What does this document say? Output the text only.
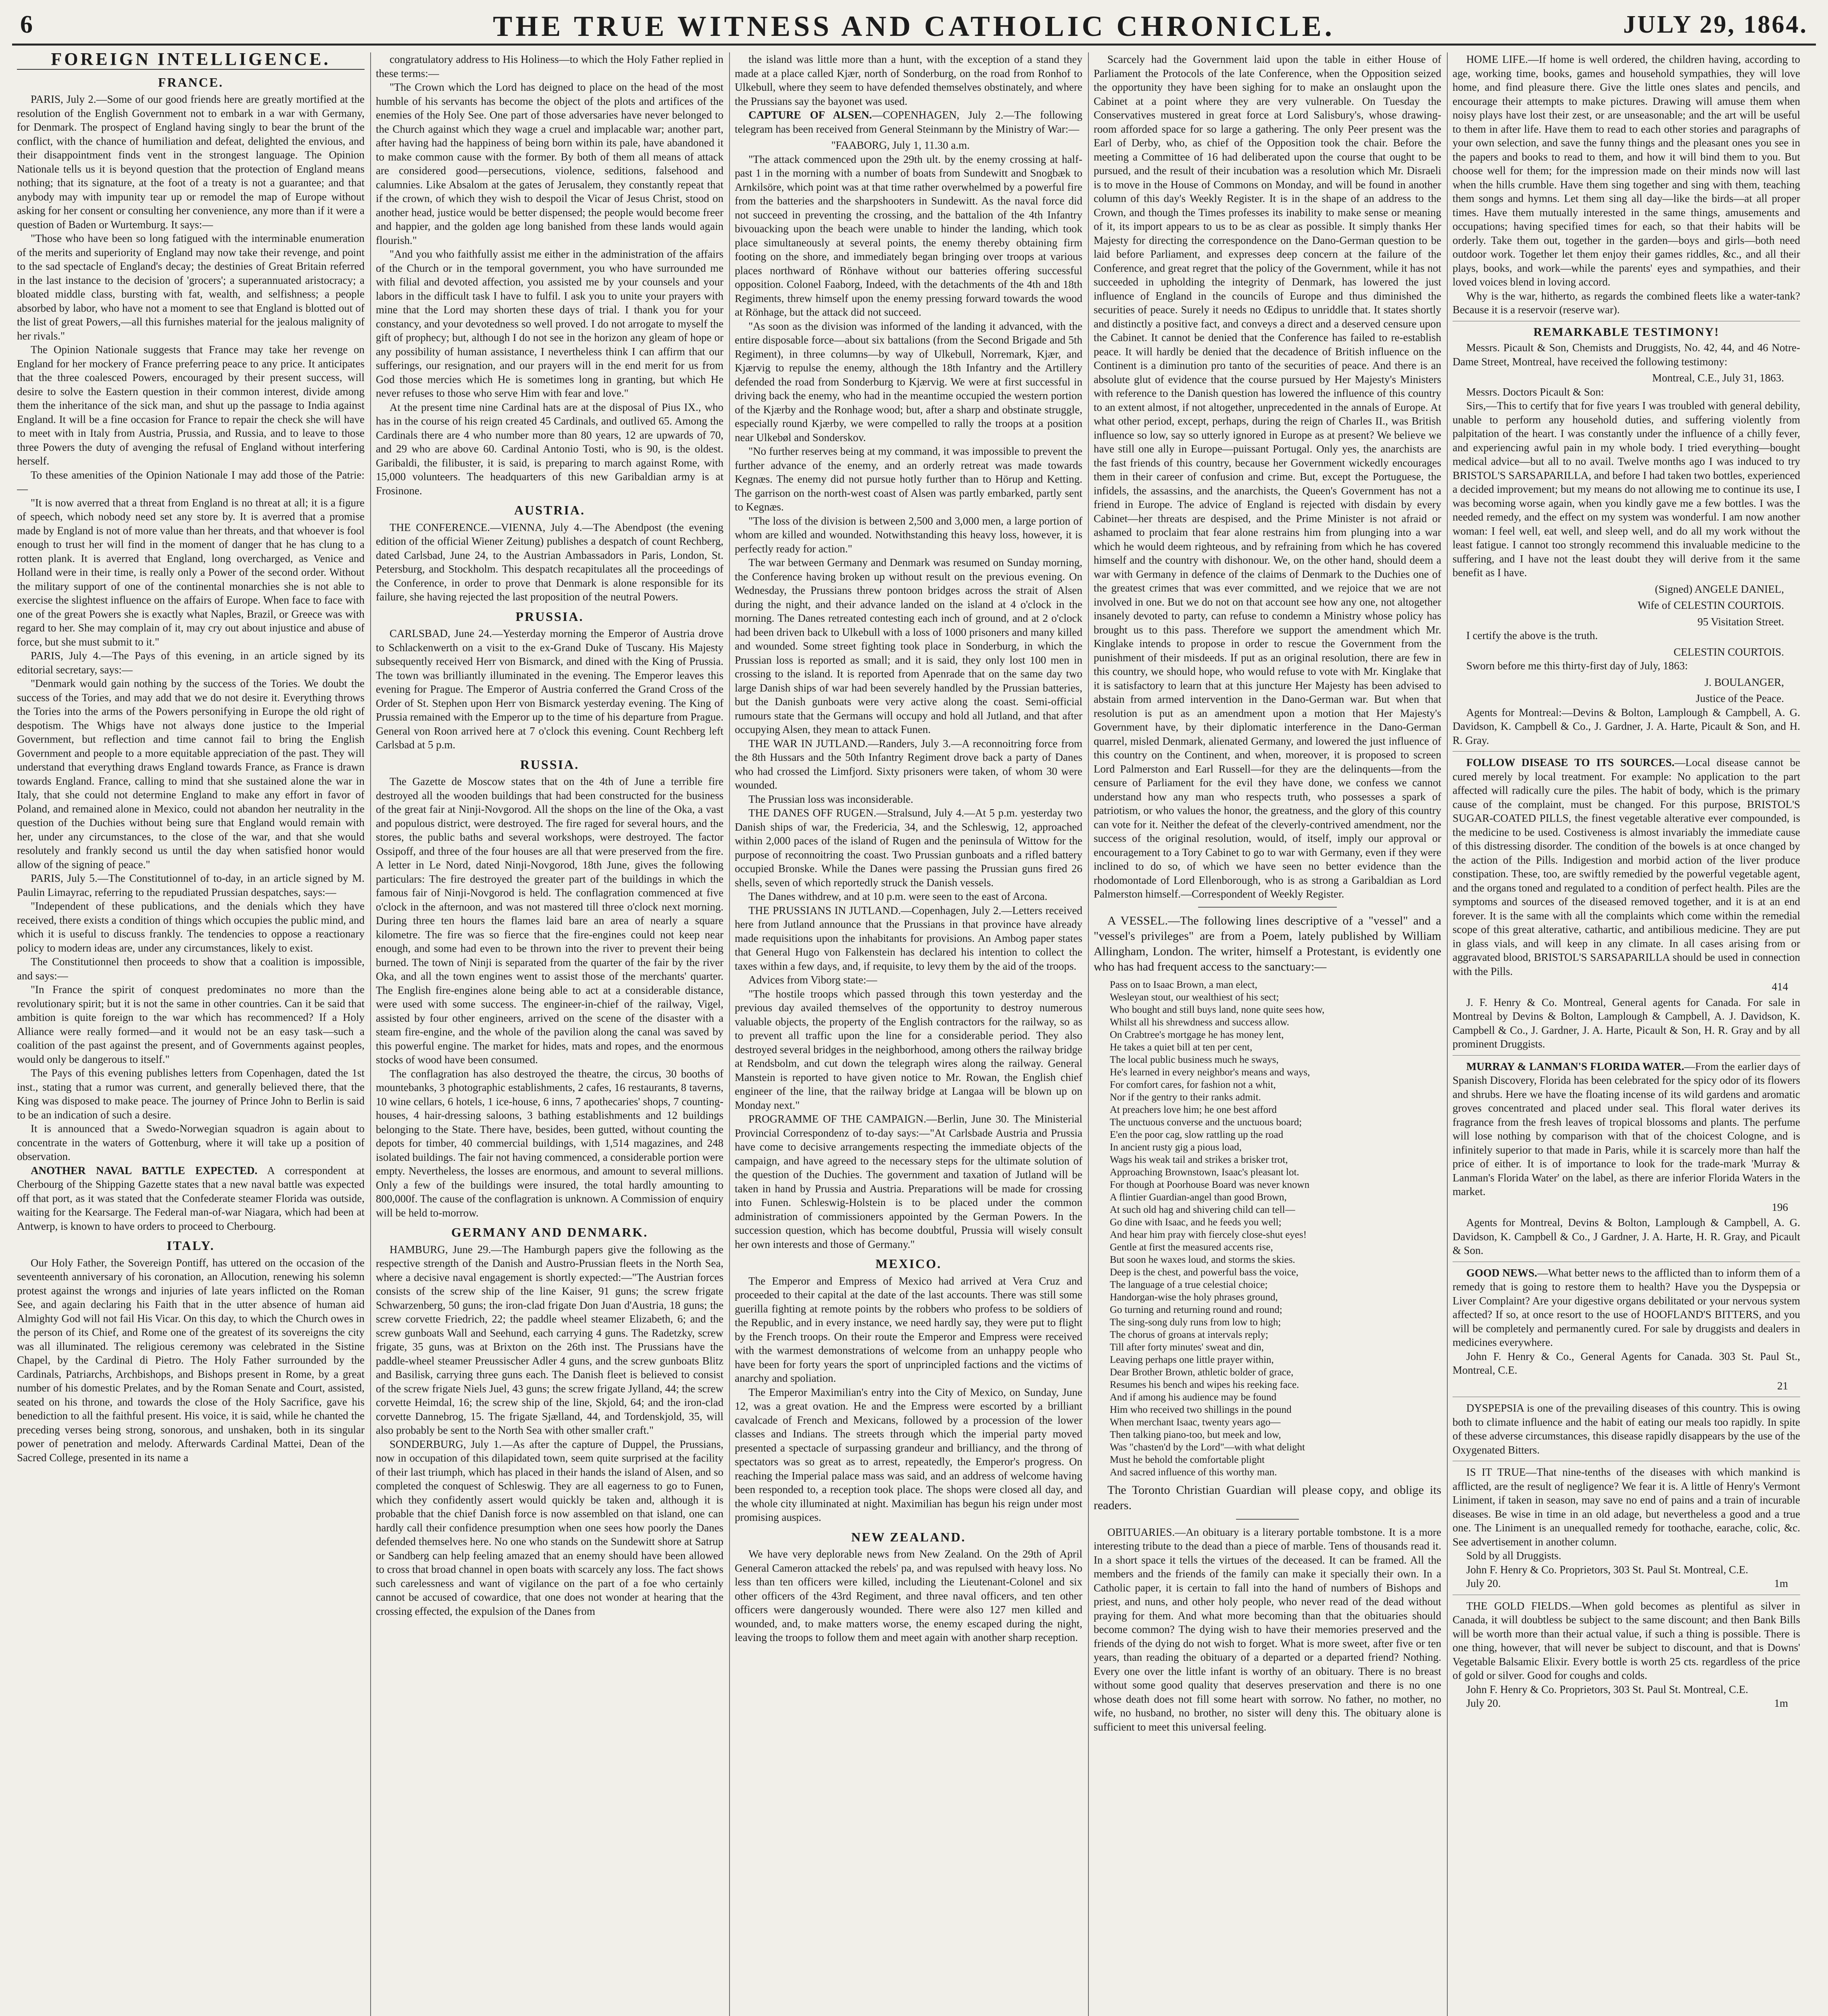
6	THE TRUE WITNESS AND CATHOLIC CHRONICLE.	JULY 29, 1864.
FOREIGN INTELLIGENCE.
FRANCE.

PARIS, July 2.—Some of our good friends here are greatly mortified at the resolution of the English Government not to embark in a war with Germany, for Denmark. The prospect of England having singly to bear the brunt of the conflict, with the chance of humiliation and defeat, delighted the envious, and their disappointment finds vent in the strongest language. The Opinion Nationale tells us it is beyond question that the protection of England means nothing; that its signature, at the foot of a treaty is not a guarantee; and that anybody may with impunity tear up or remodel the map of Europe without asking for her consent or consulting her convenience, any more than if it were a question of Baden or Wurtemburg. It says:—

"Those who have been so long fatigued with the interminable enumeration of the merits and superiority of England may now take their revenge, and point to the sad spectacle of England's decay; the destinies of Great Britain referred in the last instance to the decision of 'grocers'; a superannuated aristocracy; a bloated middle class, bursting with fat, wealth, and selfishness; a people absorbed by labor, who have not a moment to see that England is blotted out of the list of great Powers,—all this furnishes material for the jealous malignity of her rivals."

The Opinion Nationale suggests that France may take her revenge on England for her mockery of France preferring peace to any price. It anticipates that the three coalesced Powers, encouraged by their present success, will desire to solve the Eastern question in their common interest, divide among them the inheritance of the sick man, and shut up the passage to India against England. It will be a fine occasion for France to repair the check she will have to meet with in Italy from Austria, Prussia, and Russia, and to leave to those three Powers the duty of avenging the refusal of England without interfering herself.

To these amenities of the Opinion Nationale I may add those of the Patrie:—

"It is now averred that a threat from England is no threat at all; it is a figure of speech, which nobody need set any store by. It is averred that a promise made by England is not of more value than her threats, and that whoever is fool enough to trust her will find in the moment of danger that he has clung to a rotten plank. It is averred that England, long overcharged, as Venice and Holland were in their time, is really only a Power of the second order. Without the military support of one of the continental monarchies she is not able to exercise the slightest influence on the affairs of Europe. When face to face with one of the great Powers she is exactly what Naples, Brazil, or Greece was with regard to her. She may complain of it, may cry out about injustice and abuse of force, but she must submit to it."

PARIS, July 4.—The Pays of this evening, in an article signed by its editorial secretary, says:—

"Denmark would gain nothing by the success of the Tories. We doubt the success of the Tories, and may add that we do not desire it. Everything throws the Tories into the arms of the Powers personifying in Europe the old right of despotism. The Whigs have not always done justice to the Imperial Government, but reflection and time cannot fail to bring the English Government and people to a more equitable appreciation of the past. They will understand that everything draws England towards France, as France is drawn towards England. France, calling to mind that she sustained alone the war in Italy, that she could not determine England to make any effort in favor of Poland, and remained alone in Mexico, could not abandon her neutrality in the question of the Duchies without being sure that England would remain with her, under any circumstances, to the close of the war, and that she would resolutely and frankly second us until the day when satisfied honor would allow of the signing of peace."

PARIS, July 5.—The Constitutionnel of to-day, in an article signed by M. Paulin Limayrac, referring to the repudiated Prussian despatches, says:—

"Independent of these publications, and the denials which they have received, there exists a condition of things which occupies the public mind, and which it is useful to discuss frankly. The tendencies to oppose a reactionary policy to modern ideas are, under any circumstances, likely to exist.

The Constitutionnel then proceeds to show that a coalition is impossible, and says:—

"In France the spirit of conquest predominates no more than the revolutionary spirit; but it is not the same in other countries. Can it be said that ambition is quite foreign to the war which has recommenced? If a Holy Alliance were really formed—and it would not be an easy task—such a coalition of the past against the present, and of Governments against peoples, would only be dangerous to itself."

The Pays of this evening publishes letters from Copenhagen, dated the 1st inst., stating that a rumor was current, and generally believed there, that the King was disposed to make peace. The journey of Prince John to Berlin is said to be an indication of such a desire.

It is announced that a Swedo-Norwegian squadron is again about to concentrate in the waters of Gottenburg, where it will take up a position of observation.

ANOTHER NAVAL BATTLE EXPECTED. A correspondent at Cherbourg of the Shipping Gazette states that a new naval battle was expected off that port, as it was stated that the Confederate steamer Florida was outside, waiting for the Kearsarge. The Federal man-of-war Niagara, which had been at Antwerp, is known to have orders to proceed to Cherbourg.

ITALY.

Our Holy Father, the Sovereign Pontiff, has uttered on the occasion of the seventeenth anniversary of his coronation, an Allocution, renewing his solemn protest against the wrongs and injuries of late years inflicted on the Roman See, and again declaring his Faith that in the utter absence of human aid Almighty God will not fail His Vicar. On this day, to which the Church owes in the person of its Chief, and Rome one of the greatest of its sovereigns the city was all illuminated. The religious ceremony was celebrated in the Sistine Chapel, by the Cardinal di Pietro. The Holy Father surrounded by the Cardinals, Patriarchs, Archbishops, and Bishops present in Rome, by a great number of his domestic Prelates, and by the Roman Senate and Court, assisted, seated on his throne, and towards the close of the Holy Sacrifice, gave his benediction to all the faithful present. His voice, it is said, while he chanted the preceding verses being strong, sonorous, and unshaken, both in its singular power of penetration and melody. Afterwards Cardinal Mattei, Dean of the Sacred College, presented in its name a

congratulatory address to His Holiness—to which the Holy Father replied in these terms:—

"The Crown which the Lord has deigned to place on the head of the most humble of his servants has become the object of the plots and artifices of the enemies of the Holy See. One part of those adversaries have never belonged to the Church against which they wage a cruel and implacable war; another part, after having had the happiness of being born within its pale, have abandoned it to make common cause with the former. By both of them all means of attack are considered good—persecutions, violence, seditions, falsehood and calumnies. Like Absalom at the gates of Jerusalem, they constantly repeat that if the crown, of which they wish to despoil the Vicar of Jesus Christ, stood on another head, justice would be better dispensed; the people would become freer and happier, and the golden age long banished from these lands would again flourish."

"And you who faithfully assist me either in the administration of the affairs of the Church or in the temporal government, you who have surrounded me with filial and devoted affection, you assisted me by your counsels and your labors in the difficult task I have to fulfil. I ask you to unite your prayers with mine that the Lord may shorten these days of trial. I thank you for your constancy, and your devotedness so well proved. I do not arrogate to myself the gift of prophecy; but, although I do not see in the horizon any gleam of hope or any possibility of human assistance, I nevertheless think I can affirm that our sufferings, our resignation, and our prayers will in the end merit for us from God those mercies which He is sometimes long in granting, but which He never refuses to those who serve Him with fear and love."

At the present time nine Cardinal hats are at the disposal of Pius IX., who has in the course of his reign created 45 Cardinals, and outlived 65. Among the Cardinals there are 4 who number more than 80 years, 12 are upwards of 70, and 29 who are above 60. Cardinal Antonio Tosti, who is 90, is the oldest. Garibaldi, the filibuster, it is said, is preparing to march against Rome, with 15,000 volunteers. The headquarters of this new Garibaldian army is at Frosinone.

AUSTRIA.

THE CONFERENCE.—VIENNA, July 4.—The Abendpost (the evening edition of the official Wiener Zeitung) publishes a despatch of count Rechberg, dated Carlsbad, June 24, to the Austrian Ambassadors in Paris, London, St. Petersburg, and Stockholm. This despatch recapitulates all the proceedings of the Conference, in order to prove that Denmark is alone responsible for its failure, she having rejected the last proposition of the neutral Powers.

PRUSSIA.

CARLSBAD, June 24.—Yesterday morning the Emperor of Austria drove to Schlackenwerth on a visit to the ex-Grand Duke of Tuscany. His Majesty subsequently received Herr von Bismarck, and dined with the King of Prussia. The town was brilliantly illuminated in the evening. The Emperor leaves this evening for Prague. The Emperor of Austria conferred the Grand Cross of the Order of St. Stephen upon Herr von Bismarck yesterday evening. The King of Prussia remained with the Emperor up to the time of his departure from Prague. General von Roon arrived here at 7 o'clock this evening. Count Rechberg left Carlsbad at 5 p.m.

RUSSIA.

The Gazette de Moscow states that on the 4th of June a terrible fire destroyed all the wooden buildings that had been constructed for the business of the great fair at Ninji-Novgorod. All the shops on the line of the Oka, a vast and populous district, were destroyed. The fire raged for several hours, and the stores, the public baths and several workshops, were destroyed. The factor Ossipoff, and three of the four houses are all that were preserved from the fire. A letter in Le Nord, dated Ninji-Novgorod, 18th June, gives the following particulars: The fire destroyed the greater part of the buildings in which the famous fair of Ninji-Novgorod is held. The conflagration commenced at five o'clock in the afternoon, and was not mastered till three o'clock next morning. During three ten hours the flames laid bare an area of nearly a square kilometre. The fire was so fierce that the fire-engines could not keep near enough, and some had even to be thrown into the river to prevent their being burned. The town of Ninji is separated from the quarter of the fair by the river Oka, and all the town engines went to assist those of the merchants' quarter. The English fire-engines alone being able to act at a considerable distance, were used with some success. The engineer-in-chief of the railway, Vigel, assisted by four other engineers, arrived on the scene of the disaster with a steam fire-engine, and the whole of the pavilion along the canal was saved by this powerful engine. The market for hides, mats and ropes, and the enormous stocks of wood have been consumed.

The conflagration has also destroyed the theatre, the circus, 30 booths of mountebanks, 3 photographic establishments, 2 cafes, 16 restaurants, 8 taverns, 10 wine cellars, 6 hotels, 1 ice-house, 6 inns, 7 apothecaries' shops, 7 counting-houses, 4 hair-dressing saloons, 3 bathing establishments and 12 buildings belonging to the State. There have, besides, been gutted, without counting the depots for timber, 40 commercial buildings, with 1,514 magazines, and 248 isolated buildings. The fair not having commenced, a considerable portion were empty. Nevertheless, the losses are enormous, and amount to several millions. Only a few of the buildings were insured, the total hardly amounting to 800,000f. The cause of the conflagration is unknown. A Commission of enquiry will be held to-morrow.

GERMANY AND DENMARK.

HAMBURG, June 29.—The Hamburgh papers give the following as the respective strength of the Danish and Austro-Prussian fleets in the North Sea, where a decisive naval engagement is shortly expected:—"The Austrian forces consists of the screw ship of the line Kaiser, 91 guns; the screw frigate Schwarzenberg, 50 guns; the iron-clad frigate Don Juan d'Austria, 18 guns; the screw corvette Friedrich, 22; the paddle wheel steamer Elizabeth, 6; and the screw gunboats Wall and Seehund, each carrying 4 guns. The Radetzky, screw frigate, 35 guns, was at Brixton on the 26th inst. The Prussians have the paddle-wheel steamer Preussischer Adler 4 guns, and the screw gunboats Blitz and Basilisk, carrying three guns each. The Danish fleet is believed to consist of the screw frigate Niels Juel, 43 guns; the screw frigate Jylland, 44; the screw corvette Heimdal, 16; the screw ship of the line, Skjold, 64; and the iron-clad corvette Dannebrog, 15. The frigate Sjælland, 44, and Tordenskjold, 35, will also probably be sent to the North Sea with other smaller craft."

SONDERBURG, July 1.—As after the capture of Duppel, the Prussians, now in occupation of this dilapidated town, seem quite surprised at the facility of their last triumph, which has placed in their hands the island of Alsen, and so completed the conquest of Schleswig. They are all eagerness to go to Funen, which they confidently assert would quickly be taken and, although it is probable that the chief Danish force is now assembled on that island, one can hardly call their confidence presumption when one sees how poorly the Danes defended themselves here. No one who stands on the Sundewitt shore at Satrup or Sandberg can help feeling amazed that an enemy should have been allowed to cross that broad channel in open boats with scarcely any loss. The fact shows such carelessness and want of vigilance on the part of a foe who certainly cannot be accused of cowardice, that one does not wonder at hearing that the crossing effected, the expulsion of the Danes from

the island was little more than a hunt, with the exception of a stand they made at a place called Kjær, north of Sonderburg, on the road from Ronhof to Ulkebull, where they seem to have defended themselves obstinately, and where the Prussians say the bayonet was used.

CAPTURE OF ALSEN.—COPENHAGEN, July 2.—The following telegram has been received from General Steinmann by the Ministry of War:—

"FAABORG, July 1, 11.30 a.m.

"The attack commenced upon the 29th ult. by the enemy crossing at half-past 1 in the morning with a number of boats from Sundewitt and Snogbæk to Arnkilsöre, which point was at that time rather overwhelmed by a powerful fire from the batteries and the sharpshooters in Sundewitt. As the naval force did not succeed in preventing the crossing, and the battalion of the 4th Infantry bivouacking upon the beach were unable to hinder the landing, which took place simultaneously at several points, the enemy thereby obtaining firm footing on the shore, and immediately began bringing over troops at various places northward of Rönhave without our batteries offering successful opposition. Colonel Faaborg, Indeed, with the detachments of the 4th and 18th Regiments, threw himself upon the enemy pressing forward towards the wood at Rönhage, but the attack did not succeed.

"As soon as the division was informed of the landing it advanced, with the entire disposable force—about six battalions (from the Second Brigade and 5th Regiment), in three columns—by way of Ulkebull, Norremark, Kjær, and Kjærvig to repulse the enemy, although the 18th Infantry and the Artillery defended the road from Sonderburg to Kjærvig. We were at first successful in driving back the enemy, who had in the meantime occupied the western portion of the Kjærby and the Ronhage wood; but, after a sharp and obstinate struggle, especially round Kjærby, we were compelled to rally the troops at a position near Ulkebøl and Sonderskov.

"No further reserves being at my command, it was impossible to prevent the further advance of the enemy, and an orderly retreat was made towards Kegnæs. The enemy did not pursue hotly further than to Hörup and Ketting. The garrison on the north-west coast of Alsen was partly embarked, partly sent to Kegnæs.

"The loss of the division is between 2,500 and 3,000 men, a large portion of whom are killed and wounded. Notwithstanding this heavy loss, however, it is perfectly ready for action."

The war between Germany and Denmark was resumed on Sunday morning, the Conference having broken up without result on the previous evening. On Wednesday, the Prussians threw pontoon bridges across the strait of Alsen during the night, and their advance landed on the island at 4 o'clock in the morning. The Danes retreated contesting each inch of ground, and at 2 o'clock had been driven back to Ulkebull with a loss of 1000 prisoners and many killed and wounded. Some street fighting took place in Sonderburg, in which the Prussian loss is reported as small; and it is said, they only lost 100 men in crossing to the island. It is reported from Apenrade that on the same day two large Danish ships of war had been severely handled by the Prussian batteries, but the Danish gunboats were very active along the coast. Semi-official rumours state that the Germans will occupy and hold all Jutland, and that after occupying Alsen, they mean to attack Funen.

THE WAR IN JUTLAND.—Randers, July 3.—A reconnoitring force from the 8th Hussars and the 50th Infantry Regiment drove back a party of Danes who had crossed the Limfjord. Sixty prisoners were taken, of whom 30 were wounded.

The Prussian loss was inconsiderable.

THE DANES OFF RUGEN.—Stralsund, July 4.—At 5 p.m. yesterday two Danish ships of war, the Fredericia, 34, and the Schleswig, 12, approached within 2,000 paces of the island of Rugen and the peninsula of Wittow for the purpose of reconnoitring the coast. Two Prussian gunboats and a rifled battery occupied Bronske. While the Danes were passing the Prussian guns fired 26 shells, seven of which reportedly struck the Danish vessels.

The Danes withdrew, and at 10 p.m. were seen to the east of Arcona.

THE PRUSSIANS IN JUTLAND.—Copenhagen, July 2.—Letters received here from Jutland announce that the Prussians in that province have already made requisitions upon the inhabitants for provisions. An Ambog paper states that General Hugo von Falkenstein has declared his intention to collect the taxes within a few days, and, if requisite, to levy them by the aid of the troops.

Advices from Viborg state:—

"The hostile troops which passed through this town yesterday and the previous day availed themselves of the opportunity to destroy numerous valuable objects, the property of the English contractors for the railway, so as to prevent all traffic upon the line for a considerable period. They also destroyed several bridges in the neighborhood, among others the railway bridge at Rendsbolm, and cut down the telegraph wires along the railway. General Manstein is reported to have given notice to Mr. Rowan, the English chief engineer of the line, that the railway bridge at Langaa will be blown up on Monday next."

PROGRAMME OF THE CAMPAIGN.—Berlin, June 30. The Ministerial Provincial Correspondenz of to-day says:—"At Carlsbade Austria and Prussia have come to decisive arrangements respecting the immediate objects of the campaign, and have agreed to the necessary steps for the ultimate solution of the question of the Duchies. The government and taxation of Jutland will be taken in hand by Prussia and Austria. Preparations will be made for crossing into Funen. Schleswig-Holstein is to be placed under the common administration of commissioners appointed by the German Powers. In the succession question, which has become doubtful, Prussia will wisely consult her own interests and those of Germany."

MEXICO.

The Emperor and Empress of Mexico had arrived at Vera Cruz and proceeded to their capital at the date of the last accounts. There was still some guerilla fighting at remote points by the robbers who profess to be soldiers of the Republic, and in every instance, we need hardly say, they were put to flight by the French troops. On their route the Emperor and Empress were received with the warmest demonstrations of welcome from an unhappy people who have been for forty years the sport of unprincipled factions and the victims of anarchy and spoliation.

The Emperor Maximilian's entry into the City of Mexico, on Sunday, June 12, was a great ovation. He and the Empress were escorted by a brilliant cavalcade of French and Mexicans, followed by a procession of the lower classes and Indians. The streets through which the imperial party moved presented a spectacle of surpassing grandeur and brilliancy, and the throng of spectators was so great as to arrest, repeatedly, the Emperor's progress. On reaching the Imperial palace mass was said, and an address of welcome having been responded to, a reception took place. The shops were closed all day, and the whole city illuminated at night. Maximilian has begun his reign under most promising auspices.

NEW ZEALAND.

We have very deplorable news from New Zealand. On the 29th of April General Cameron attacked the rebels' pa, and was repulsed with heavy loss. No less than ten officers were killed, including the Lieutenant-Colonel and six other officers of the 43rd Regiment, and three naval officers, and ten other officers were dangerously wounded. There were also 127 men killed and wounded, and, to make matters worse, the enemy escaped during the night, leaving the troops to follow them and meet again with another sharp reception.

Scarcely had the Government laid upon the table in either House of Parliament the Protocols of the late Conference, when the Opposition seized the opportunity they have been sighing for to make an onslaught upon the Cabinet at a point where they are very vulnerable. On Tuesday the Conservatives mustered in great force at Lord Salisbury's, whose drawing-room afforded space for so large a gathering. The only Peer present was the Earl of Derby, who, as chief of the Opposition took the chair. Before the meeting a Committee of 16 had deliberated upon the course that ought to be pursued, and the result of their incubation was a resolution which Mr. Disraeli is to move in the House of Commons on Monday, and will be found in another column of this day's Weekly Register. It is in the shape of an address to the Crown, and though the Times professes its inability to make sense or meaning of it, its import appears to us to be as clear as possible. It simply thanks Her Majesty for directing the correspondence on the Dano-German question to be laid before Parliament, and expresses deep concern at the failure of the Conference, and great regret that the policy of the Government, while it has not succeeded in upholding the integrity of Denmark, has lowered the just influence of England in the councils of Europe and thus diminished the securities of peace. Surely it needs no Œdipus to unriddle that. It states shortly and distinctly a positive fact, and conveys a direct and a deserved censure upon the Cabinet. It cannot be denied that the Conference has failed to re-establish peace. It will hardly be denied that the decadence of British influence on the Continent is a diminution pro tanto of the securities of peace. And there is an absolute glut of evidence that the course pursued by Her Majesty's Ministers with reference to the Danish question has lowered the influence of this country to an extent almost, if not altogether, unprecedented in the annals of Europe. At what other period, except, perhaps, during the reign of Charles II., was British influence so low, say so utterly ignored in Europe as at present? We believe we have still one ally in Europe—puissant Portugal. Only yes, the anarchists are the fast friends of this country, because her Government wickedly encourages them in their career of confusion and crime. But, except the Portuguese, the infidels, the assassins, and the anarchists, the Queen's Government has not a friend in Europe. The advice of England is rejected with disdain by every Cabinet—her threats are despised, and the Prime Minister is not afraid or ashamed to proclaim that fear alone restrains him from plunging into a war which he would deem righteous, and by refraining from which he has covered himself and the country with dishonour. We, on the other hand, should deem a war with Germany in defence of the claims of Denmark to the Duchies one of the greatest crimes that was ever committed, and we rejoice that we are not involved in one. But we do not on that account see how any one, not altogether insanely devoted to party, can refuse to condemn a Ministry whose policy has brought us to this pass. Therefore we support the amendment which Mr. Kinglake intends to propose in order to rescue the Government from the punishment of their misdeeds. If put as an original resolution, there are few in this country, we should hope, who would refuse to vote with Mr. Kinglake that it is satisfactory to learn that at this juncture Her Majesty has been advised to abstain from armed intervention in the Dano-German war. But when that resolution is put as an amendment upon a motion that Her Majesty's Government have, by their diplomatic interference in the Dano-German quarrel, misled Denmark, alienated Germany, and lowered the just influence of this country on the Continent, and when, moreover, it is proposed to screen Lord Palmerston and Earl Russell—for they are the delinquents—from the censure of Parliament for the evil they have done, we confess we cannot understand how any man who respects truth, who possesses a spark of patriotism, or who values the honor, the greatness, and the glory of this country can vote for it. Neither the defeat of the cleverly-contrived amendment, nor the success of the original resolution, would, of itself, imply our approval or encouragement to a Tory Cabinet to go to war with Germany, even if they were inclined to do so, of which we have seen no better evidence than the rhodomontade of Lord Ellenborough, who is as strong a Garibaldian as Lord Palmerston himself.—Correspondent of Weekly Register.

A VESSEL.—The following lines descriptive of a "vessel" and a "vessel's privileges" are from a Poem, lately published by William Allingham, London. The writer, himself a Protestant, is evidently one who has had frequent access to the sanctuary:—

Pass on to Isaac Brown, a man elect,
Wesleyan stout, our wealthiest of his sect;
Who bought and still buys land, none quite sees how,
Whilst all his shrewdness and success allow.
On Crabtree's mortgage he has money lent,
He takes a quiet bill at ten per cent,
The local public business much he sways,
He's learned in every neighbor's means and ways,
For comfort cares, for fashion not a whit,
Nor if the gentry to their ranks admit.
At preachers love him; he one best afford
The unctuous converse and the unctuous board;
E'en the poor cag, slow rattling up the road
In ancient rusty gig a pious load,
Wags his weak tail and strikes a brisker trot,
Approaching Brownstown, Isaac's pleasant lot.
For though at Poorhouse Board was never known
A flintier Guardian-angel than good Brown,
At such old hag and shivering child can tell—
Go dine with Isaac, and he feeds you well;
And hear him pray with fiercely close-shut eyes!
Gentle at first the measured accents rise,
But soon he waxes loud, and storms the skies.
Deep is the chest, and powerful bass the voice,
The language of a true celestial choice;
Handorgan-wise the holy phrases ground,
Go turning and returning round and round;
The sing-song duly runs from low to high;
The chorus of groans at intervals reply;
Till after forty minutes' sweat and din,
Leaving perhaps one little prayer within,
Dear Brother Brown, athletic bolder of grace,
Resumes his bench and wipes his reeking face.
And if among his audience may be found
Him who received two shillings in the pound
When merchant Isaac, twenty years ago—
Then talking piano-too, but meek and low,
Was "chasten'd by the Lord"—with what delight
Must he behold the comfortable plight
And sacred influence of this worthy man.

The Toronto Christian Guardian will please copy, and oblige its readers.

OBITUARIES.—An obituary is a literary portable tombstone. It is a more interesting tribute to the dead than a piece of marble. Tens of thousands read it. In a short space it tells the virtues of the deceased. It can be framed. All the members and the friends of the family can make it specially their own. In a Catholic paper, it is certain to fall into the hand of numbers of Bishops and priest, and nuns, and other holy people, who never read of the dead without praying for them. And what more becoming than that the obituaries should become common? The dying wish to have their memories preserved and the friends of the dying do not wish to forget. What is more sweet, after five or ten years, than reading the obituary of a departed or a departed friend? Nothing. Every one over the little infant is worthy of an obituary. There is no breast without some good quality that deserves preservation and there is no one whose death does not fill some heart with sorrow. No father, no mother, no wife, no husband, no brother, no sister will deny this. The obituary alone is sufficient to meet this universal feeling.

HOME LIFE.—If home is well ordered, the children having, according to age, working time, books, games and household sympathies, they will love home, and find pleasure there. Give the little ones slates and pencils, and encourage their attempts to make pictures. Drawing will amuse them when noisy plays have lost their zest, or are unseasonable; and the art will be useful to them in after life. Have them to read to each other stories and paragraphs of your own selection, and save the funny things and the pleasant ones you see in the papers and books to read to them, and how it will bind them to you. But choose well for them; for the impression made on their minds now will last when the hills crumble. Have them sing together and sing with them, teaching them songs and hymns. Let them sing all day—like the birds—at all proper times. Have them mutually interested in the same things, amusements and occupations; having specified times for each, so that their habits will be orderly. Take them out, together in the garden—boys and girls—both need outdoor work. Together let them enjoy their games riddles, &c., and all their plays, books, and work—while the parents' eyes and sympathies, and their loved voices blend in loving accord.

Why is the war, hitherto, as regards the combined fleets like a water-tank? Because it is a reservoir (reserve war).

REMARKABLE TESTIMONY!

Messrs. Picault & Son, Chemists and Druggists, No. 42, 44, and 46 Notre-Dame Street, Montreal, have received the following testimony:

Montreal, C.E., July 31, 1863.

Messrs. Doctors Picault & Son:

Sirs,—This to certify that for five years I was troubled with general debility, unable to perform any household duties, and suffering violently from palpitation of the heart. I was constantly under the influence of a chilly fever, and experiencing awful pain in my whole body. I tried everything—bought medical advice—but all to no avail. Twelve months ago I was induced to try BRISTOL'S SARSAPARILLA, and before I had taken two bottles, experienced a decided improvement; but my means do not allowing me to continue its use, I was becoming worse again, when you kindly gave me a few bottles. I was the needed remedy, and the effect on my system was wonderful. I am now another woman: I feel well, eat well, and sleep well, and do all my work without the least fatigue. I cannot too strongly recommend this invaluable medicine to the suffering, and I have not the least doubt they will derive from it the same benefit as I have.

(Signed) ANGELE DANIEL,

Wife of CELESTIN COURTOIS.

95 Visitation Street.

I certify the above is the truth.

CELESTIN COURTOIS.

Sworn before me this thirty-first day of July, 1863:

J. BOULANGER,

Justice of the Peace.

Agents for Montreal:—Devins & Bolton, Lamplough & Campbell, A. G. Davidson, K. Campbell & Co., J. Gardner, J. A. Harte, Picault & Son, and H. R. Gray.

FOLLOW DISEASE TO ITS SOURCES.—Local disease cannot be cured merely by local treatment. For example: No application to the part affected will radically cure the piles. The habit of body, which is the primary cause of the complaint, must be changed. For this purpose, BRISTOL'S SUGAR-COATED PILLS, the finest vegetable alterative ever compounded, is the medicine to be used. Costiveness is almost invariably the immediate cause of this distressing disorder. The condition of the bowels is at once changed by the action of the Pills. Indigestion and morbid action of the liver produce constipation. These, too, are swiftly remedied by the powerful vegetable agent, and the organs toned and regulated to a condition of perfect health. Piles are the symptoms and sources of the diseased removed together, and it is at an end forever. It is the same with all the complaints which come within the remedial scope of this great alterative, cathartic, and antibilious medicine. They are put in glass vials, and will keep in any climate. In all cases arising from or aggravated blood, BRISTOL'S SARSAPARILLA should be used in connection with the Pills.

414

J. F. Henry & Co. Montreal, General agents for Canada. For sale in Montreal by Devins & Bolton, Lamplough & Campbell, A. J. Davidson, K. Campbell & Co., J. Gardner, J. A. Harte, Picault & Son, H. R. Gray and by all prominent Druggists.

MURRAY & LANMAN'S FLORIDA WATER.—From the earlier days of Spanish Discovery, Florida has been celebrated for the spicy odor of its flowers and shrubs. Here we have the floating incense of its wild gardens and aromatic groves concentrated and placed under seal. This floral water derives its fragrance from the fresh leaves of tropical blossoms and plants. The perfume will lose nothing by comparison with that of the choicest Cologne, and is infinitely superior to that made in Paris, while it is scarcely more than half the price of either. It is of importance to look for the trade-mark 'Murray & Lanman's Florida Water' on the label, as there are inferior Florida Waters in the market.

196

Agents for Montreal, Devins & Bolton, Lamplough & Campbell, A. G. Davidson, K. Campbell & Co., J Gardner, J. A. Harte, H. R. Gray, and Picault & Son.

GOOD NEWS.—What better news to the afflicted than to inform them of a remedy that is going to restore them to health? Have you the Dyspepsia or Liver Complaint? Are your digestive organs debilitated or your nervous system affected? If so, at once resort to the use of HOOFLAND'S BITTERS, and you will be completely and permanently cured. For sale by druggists and dealers in medicines everywhere.

John F. Henry & Co., General Agents for Canada. 303 St. Paul St., Montreal, C.E.

21

DYSPEPSIA is one of the prevailing diseases of this country. This is owing both to climate influence and the habit of eating our meals too rapidly. In spite of these adverse circumstances, this disease rapidly disappears by the use of the Oxygenated Bitters.

IS IT TRUE—That nine-tenths of the diseases with which mankind is afflicted, are the result of negligence? We fear it is. A little of Henry's Vermont Liniment, if taken in season, may save no end of pains and a train of incurable diseases. Be wise in time in an old adage, but nevertheless a good and a true one. The Liniment is an unequalled remedy for toothache, earache, colic, &c. See advertisement in another column.

Sold by all Druggists.

John F. Henry & Co. Proprietors, 303 St. Paul St. Montreal, C.E.

July 20.	1m

THE GOLD FIELDS.—When gold becomes as plentiful as silver in Canada, it will doubtless be subject to the same discount; and then Bank Bills will be worth more than their actual value, if such a thing is possible. There is one thing, however, that will never be subject to discount, and that is Downs' Vegetable Balsamic Elixir. Every bottle is worth 25 cts. regardless of the price of gold or silver. Good for coughs and colds.

John F. Henry & Co. Proprietors, 303 St. Paul St. Montreal, C.E.

July 20.	1m
